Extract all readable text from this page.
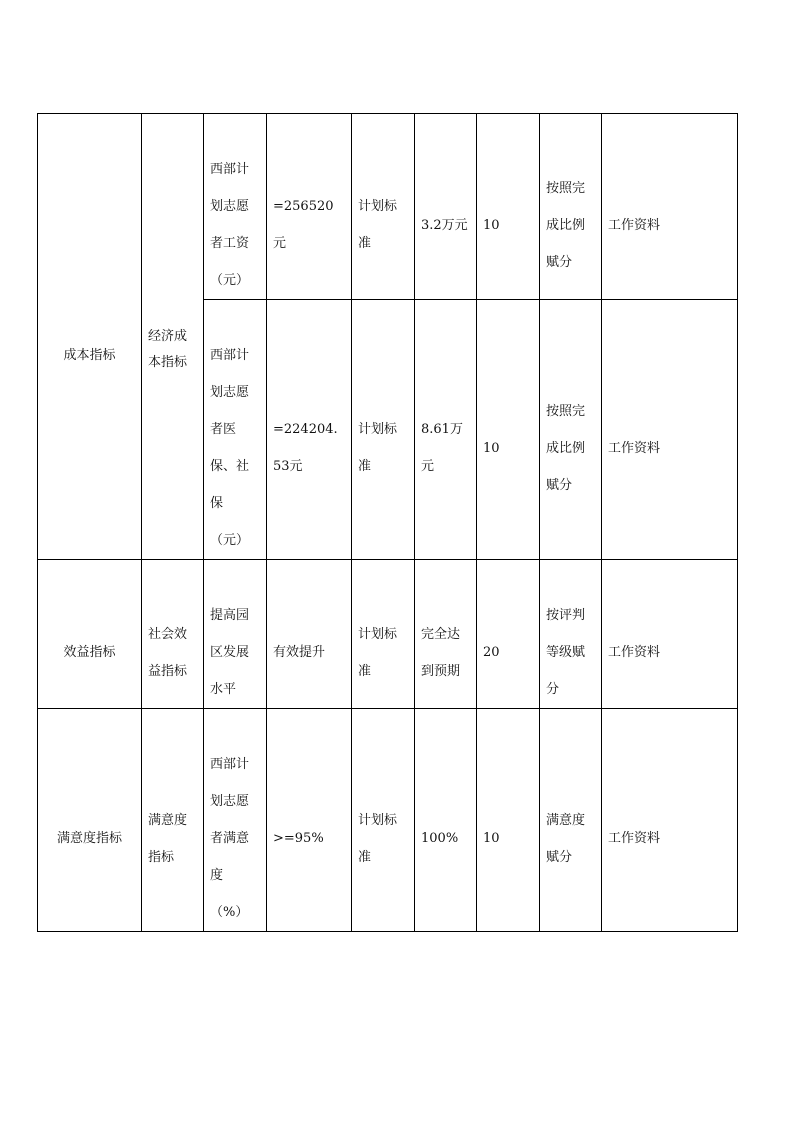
成本指标	经济成本指标	西部计划志愿者工资（元）	=256520元	计划标准	3.2万元	10	按照完成比例赋分	工作资料

西部计划志愿者医保、社保（元）	=224204.53元	计划标准	8.61万元	10	按照完成比例赋分	工作资料

效益指标	社会效益指标	提高园区发展水平	有效提升	计划标准	完全达到预期	20	按评判等级赋分	工作资料

满意度指标	满意度指标	西部计划志愿者满意度（%）	>=95%	计划标准	100%	10	满意度赋分	工作资料
